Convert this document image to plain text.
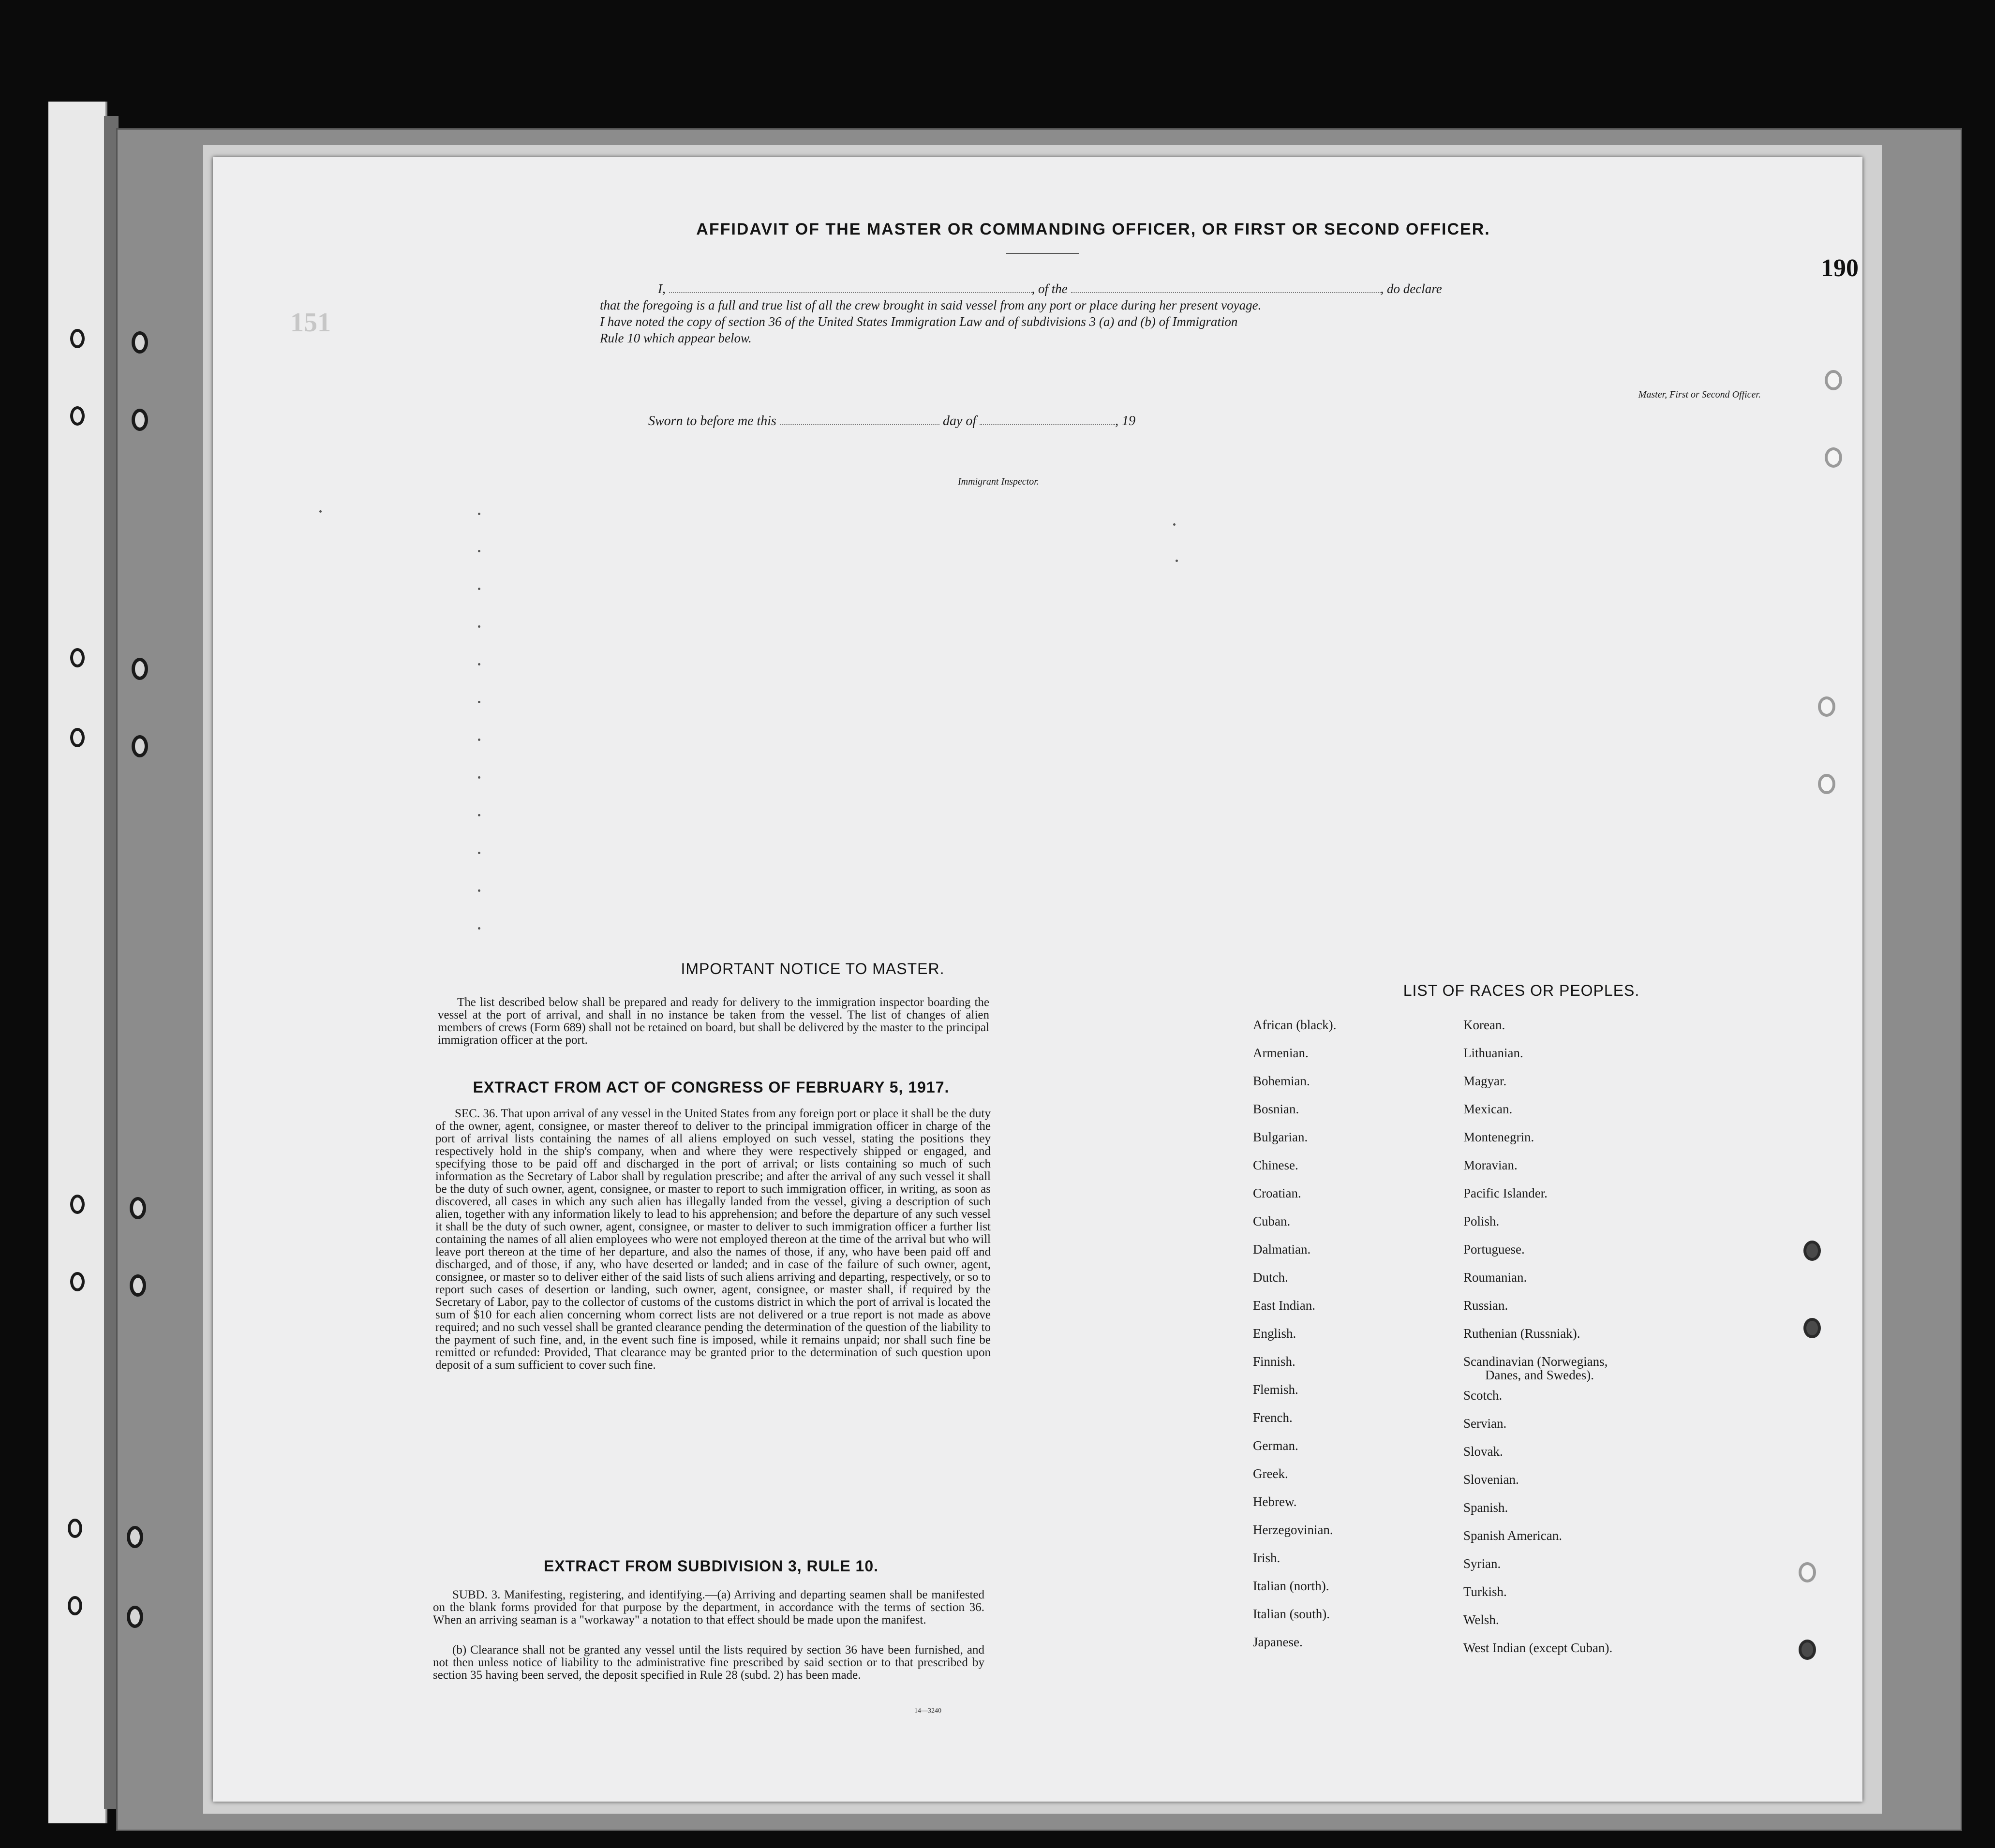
151
190
AFFIDAVIT OF THE MASTER OR COMMANDING OFFICER, OR FIRST OR SECOND OFFICER.
I,	, of the	, do declare
that the foregoing is a full and true list of all the crew brought in said vessel from any port or place during her present voyage.
I have noted the copy of section 36 of the United States Immigration Law and of subdivisions 3 (a) and (b) of Immigration
Rule 10 which appear below.
Master, First or Second Officer.
Sworn to before me this	day of	, 19
Immigrant Inspector.
IMPORTANT NOTICE TO MASTER.
The list described below shall be prepared and ready for delivery to the immigration inspector boarding the vessel at the port of arrival, and shall in no instance be taken from the vessel. The list of changes of alien members of crews (Form 689) shall not be retained on board, but shall be delivered by the master to the principal immigration officer at the port.
EXTRACT FROM ACT OF CONGRESS OF FEBRUARY 5, 1917.
SEC. 36. That upon arrival of any vessel in the United States from any foreign port or place it shall be the duty of the owner, agent, consignee, or master thereof to deliver to the principal immigration officer in charge of the port of arrival lists containing the names of all aliens employed on such vessel, stating the positions they respectively hold in the ship's company, when and where they were respectively shipped or engaged, and specifying those to be paid off and discharged in the port of arrival; or lists containing so much of such information as the Secretary of Labor shall by regulation prescribe; and after the arrival of any such vessel it shall be the duty of such owner, agent, consignee, or master to report to such immigration officer, in writing, as soon as discovered, all cases in which any such alien has illegally landed from the vessel, giving a description of such alien, together with any information likely to lead to his apprehension; and before the departure of any such vessel it shall be the duty of such owner, agent, consignee, or master to deliver to such immigration officer a further list containing the names of all alien employees who were not employed thereon at the time of the arrival but who will leave port thereon at the time of her departure, and also the names of those, if any, who have been paid off and discharged, and of those, if any, who have deserted or landed; and in case of the failure of such owner, agent, consignee, or master so to deliver either of the said lists of such aliens arriving and departing, respectively, or so to report such cases of desertion or landing, such owner, agent, consignee, or master shall, if required by the Secretary of Labor, pay to the collector of customs of the customs district in which the port of arrival is located the sum of $10 for each alien concerning whom correct lists are not delivered or a true report is not made as above required; and no such vessel shall be granted clearance pending the determination of the question of the liability to the payment of such fine, and, in the event such fine is imposed, while it remains unpaid; nor shall such fine be remitted or refunded: Provided, That clearance may be granted prior to the determination of such question upon deposit of a sum sufficient to cover such fine.
EXTRACT FROM SUBDIVISION 3, RULE 10.
SUBD. 3. Manifesting, registering, and identifying.—(a) Arriving and departing seamen shall be manifested on the blank forms provided for that purpose by the department, in accordance with the terms of section 36. When an arriving seaman is a "workaway" a notation to that effect should be made upon the manifest.
(b) Clearance shall not be granted any vessel until the lists required by section 36 have been furnished, and not then unless notice of liability to the administrative fine prescribed by said section or to that prescribed by section 35 having been served, the deposit specified in Rule 28 (subd. 2) has been made.
14—3240
LIST OF RACES OR PEOPLES.
African (black).
Armenian.
Bohemian.
Bosnian.
Bulgarian.
Chinese.
Croatian.
Cuban.
Dalmatian.
Dutch.
East Indian.
English.
Finnish.
Flemish.
French.
German.
Greek.
Hebrew.
Herzegovinian.
Irish.
Italian (north).
Italian (south).
Japanese.
Korean.
Lithuanian.
Magyar.
Mexican.
Montenegrin.
Moravian.
Pacific Islander.
Polish.
Portuguese.
Roumanian.
Russian.
Ruthenian (Russniak).
Scandinavian (Norwegians,
Danes, and Swedes).
Scotch.
Servian.
Slovak.
Slovenian.
Spanish.
Spanish American.
Syrian.
Turkish.
Welsh.
West Indian (except Cuban).
